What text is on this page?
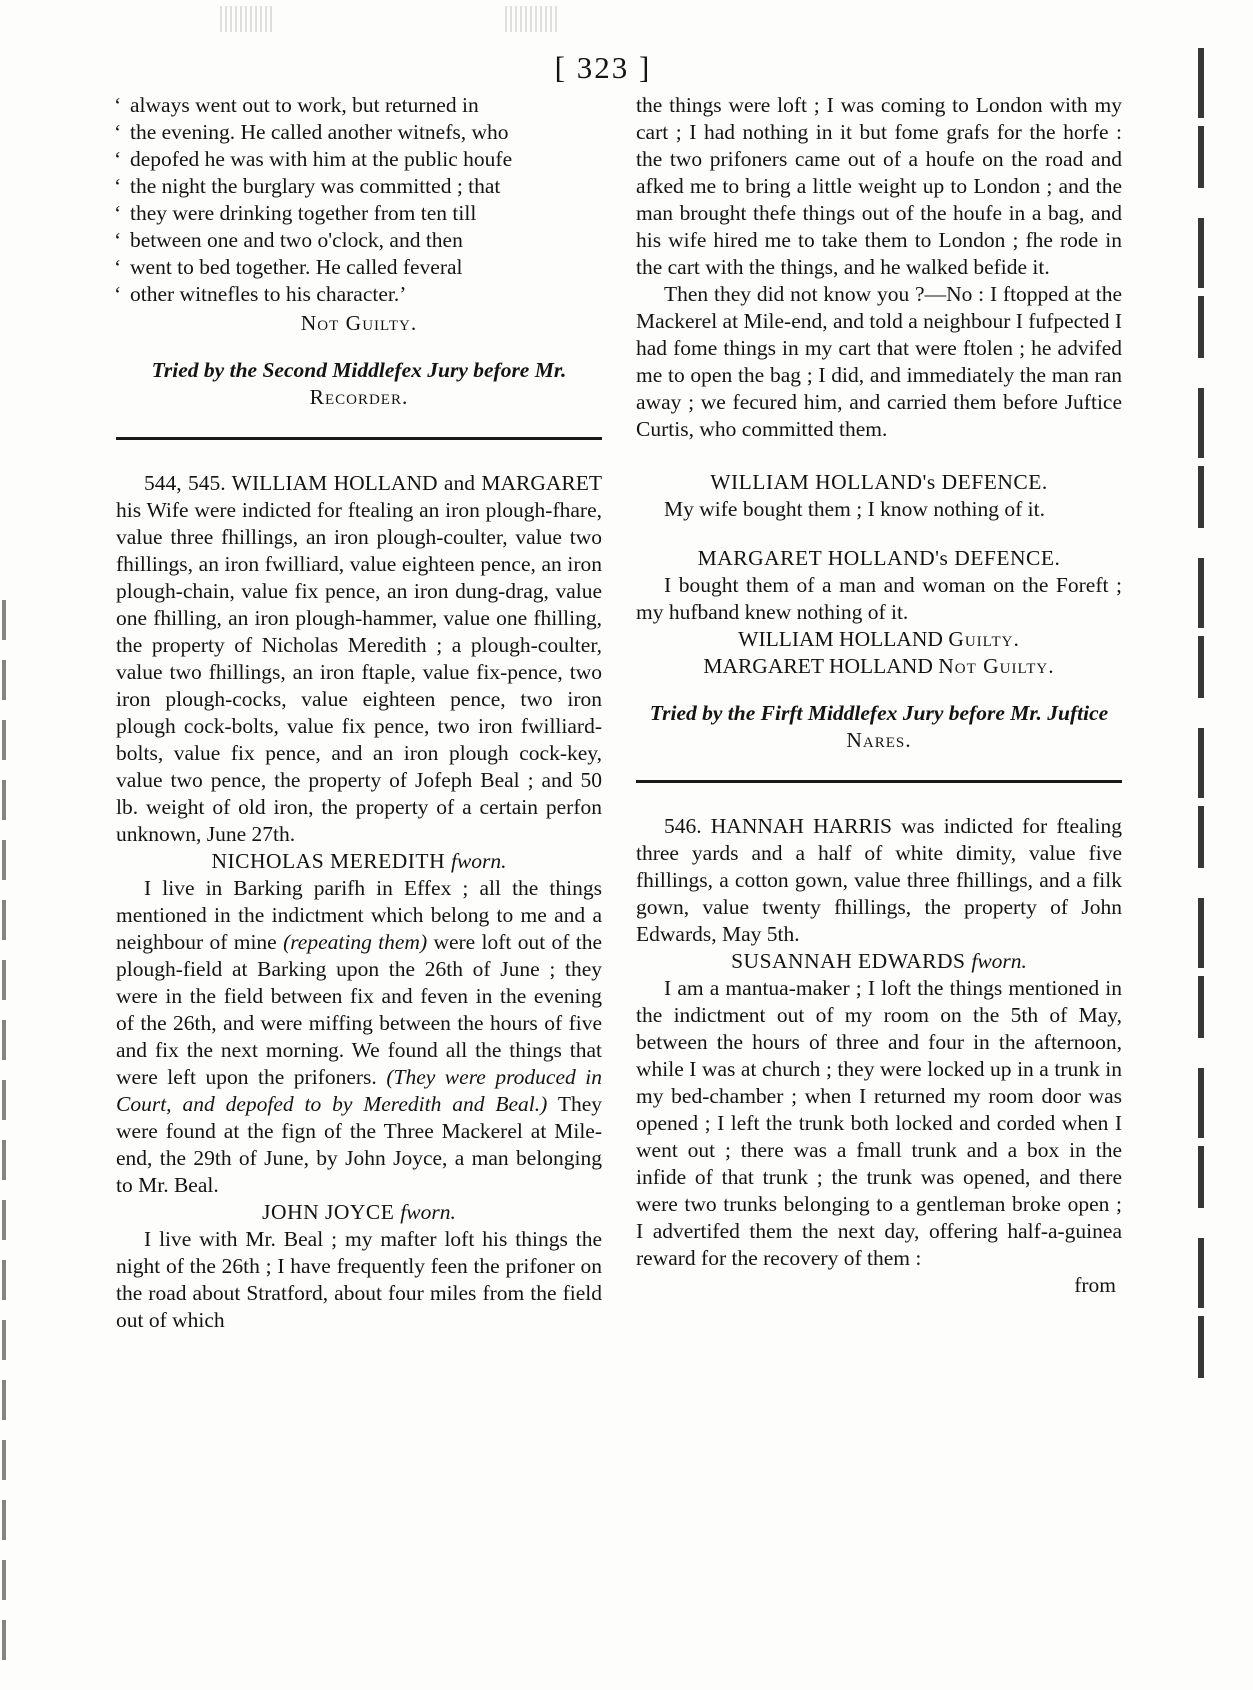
[ 323 ]
‘ always went out to work, but returned in
‘ the evening. He called another witnefs, who
‘ depofed he was with him at the public houfe
‘ the night the burglary was committed ; that
‘ they were drinking together from ten till
‘ between one and two o'clock, and then
‘ went to bed together. He called feveral
‘ other witnefles to his character.’

Not Guilty.

Tried by the Second Middlefex Jury before Mr.
Recorder.

544, 545. WILLIAM HOLLAND and MARGARET his Wife were indicted for ftealing an iron plough-fhare, value three fhillings, an iron plough-coulter, value two fhillings, an iron fwilliard, value eighteen pence, an iron plough-chain, value fix pence, an iron dung-drag, value one fhilling, an iron plough-hammer, value one fhilling, the property of Nicholas Meredith ; a plough-coulter, value two fhillings, an iron ftaple, value fix-pence, two iron plough-cocks, value eighteen pence, two iron plough cock-bolts, value fix pence, two iron fwilliard-bolts, value fix pence, and an iron plough cock-key, value two pence, the property of Jofeph Beal ; and 50 lb. weight of old iron, the property of a certain perfon unknown, June 27th.

NICHOLAS MEREDITH fworn.

I live in Barking parifh in Effex ; all the things mentioned in the indictment which belong to me and a neighbour of mine (repeating them) were loft out of the plough-field at Barking upon the 26th of June ; they were in the field between fix and feven in the evening of the 26th, and were miffing between the hours of five and fix the next morning. We found all the things that were left upon the prifoners. (They were produced in Court, and depofed to by Meredith and Beal.) They were found at the fign of the Three Mackerel at Mile-end, the 29th of June, by John Joyce, a man belonging to Mr. Beal.

JOHN JOYCE fworn.

I live with Mr. Beal ; my mafter loft his things the night of the 26th ; I have frequently feen the prifoner on the road about Stratford, about four miles from the field out of which

the things were loft ; I was coming to London with my cart ; I had nothing in it but fome grafs for the horfe : the two prifoners came out of a houfe on the road and afked me to bring a little weight up to London ; and the man brought thefe things out of the houfe in a bag, and his wife hired me to take them to London ; fhe rode in the cart with the things, and he walked befide it.

Then they did not know you ?—No : I ftopped at the Mackerel at Mile-end, and told a neighbour I fufpected I had fome things in my cart that were ftolen ; he advifed me to open the bag ; I did, and immediately the man ran away ; we fecured him, and carried them before Juftice Curtis, who committed them.

WILLIAM HOLLAND's DEFENCE.

My wife bought them ; I know nothing of it.

MARGARET HOLLAND's DEFENCE.

I bought them of a man and woman on the Foreft ; my hufband knew nothing of it.

WILLIAM HOLLAND Guilty.

MARGARET HOLLAND Not Guilty.

Tried by the Firft Middlefex Jury before Mr. Juftice Nares.

546. HANNAH HARRIS was indicted for ftealing three yards and a half of white dimity, value five fhillings, a cotton gown, value three fhillings, and a filk gown, value twenty fhillings, the property of John Edwards, May 5th.

SUSANNAH EDWARDS fworn.

I am a mantua-maker ; I loft the things mentioned in the indictment out of my room on the 5th of May, between the hours of three and four in the afternoon, while I was at church ; they were locked up in a trunk in my bed-chamber ; when I returned my room door was opened ; I left the trunk both locked and corded when I went out ; there was a fmall trunk and a box in the infide of that trunk ; the trunk was opened, and there were two trunks belonging to a gentleman broke open ; I advertifed them the next day, offering half-a-guinea reward for the recovery of them :

from
